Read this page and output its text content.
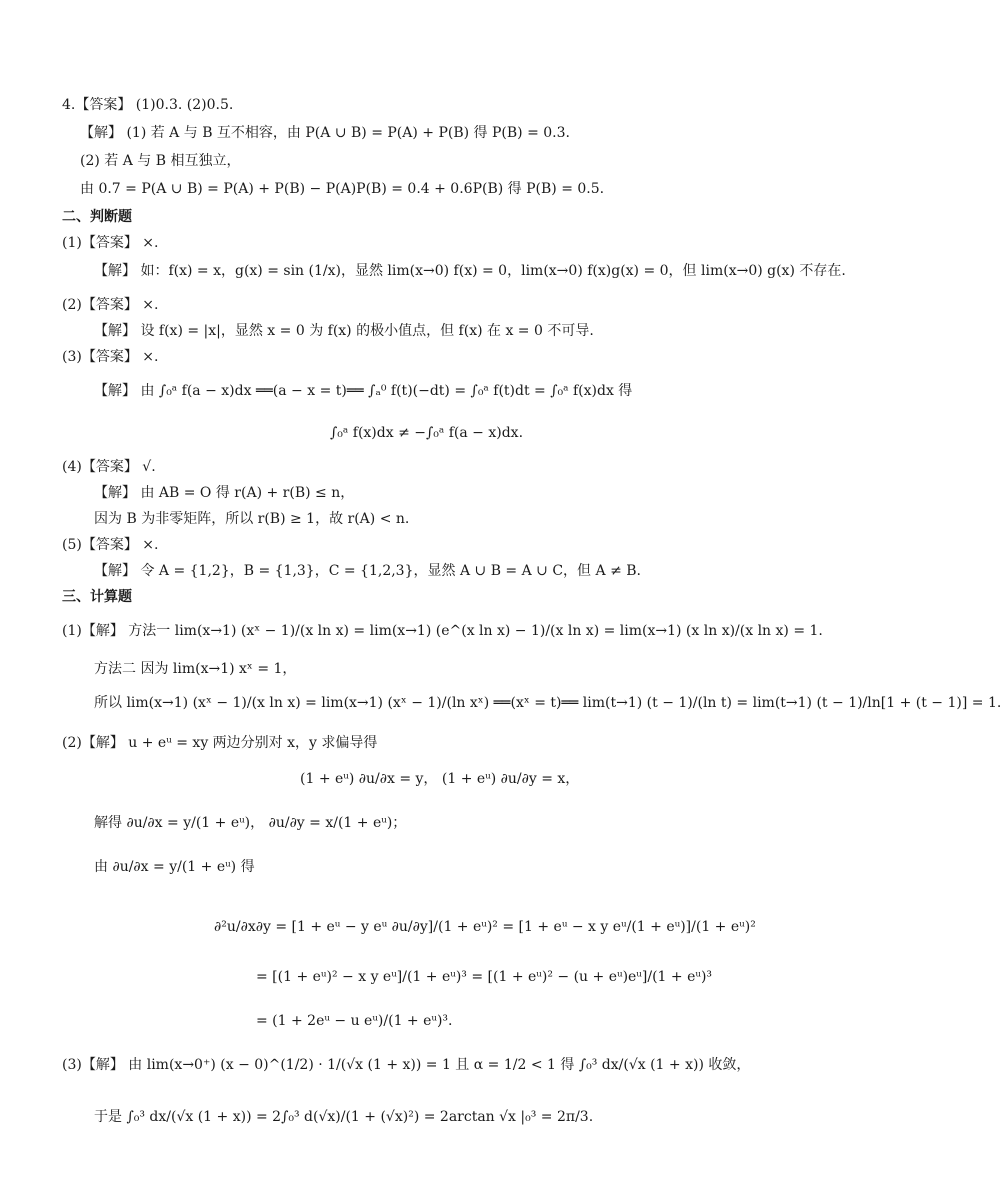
4.【答案】 (1)0.3. (2)0.5.
【解】 (1) 若 A 与 B 互不相容，由 P(A ∪ B) = P(A) + P(B) 得 P(B) = 0.3.
(2) 若 A 与 B 相互独立，
由 0.7 = P(A ∪ B) = P(A) + P(B) − P(A)P(B) = 0.4 + 0.6P(B) 得 P(B) = 0.5.
二、判断题
(1)【答案】 ×.
【解】 如：f(x) = x，g(x) = sin (1/x)，显然 lim(x→0) f(x) = 0，lim(x→0) f(x)g(x) = 0，但 lim(x→0) g(x) 不存在.
(2)【答案】 ×.
【解】 设 f(x) = |x|，显然 x = 0 为 f(x) 的极小值点，但 f(x) 在 x = 0 不可导.
(3)【答案】 ×.
【解】 由 ∫₀ᵃ f(a − x)dx ══(a − x = t)══ ∫ₐ⁰ f(t)(−dt) = ∫₀ᵃ f(t)dt = ∫₀ᵃ f(x)dx 得
∫₀ᵃ f(x)dx ≠ −∫₀ᵃ f(a − x)dx.
(4)【答案】 √.
【解】 由 AB = O 得 r(A) + r(B) ≤ n，
因为 B 为非零矩阵，所以 r(B) ≥ 1，故 r(A) < n.
(5)【答案】 ×.
【解】 令 A = {1,2}，B = {1,3}，C = {1,2,3}，显然 A ∪ B = A ∪ C，但 A ≠ B.
三、计算题
(1)【解】 方法一 lim(x→1) (xˣ − 1)/(x ln x) = lim(x→1) (e^(x ln x) − 1)/(x ln x) = lim(x→1) (x ln x)/(x ln x) = 1.
方法二 因为 lim(x→1) xˣ = 1，
所以 lim(x→1) (xˣ − 1)/(x ln x) = lim(x→1) (xˣ − 1)/(ln xˣ) ══(xˣ = t)══ lim(t→1) (t − 1)/(ln t) = lim(t→1) (t − 1)/ln[1 + (t − 1)] = 1.
(2)【解】 u + eᵘ = xy 两边分别对 x，y 求偏导得
(1 + eᵘ) ∂u/∂x = y， (1 + eᵘ) ∂u/∂y = x，
解得 ∂u/∂x = y/(1 + eᵘ)， ∂u/∂y = x/(1 + eᵘ)；
由 ∂u/∂x = y/(1 + eᵘ) 得
∂²u/∂x∂y = [1 + eᵘ − y eᵘ ∂u/∂y]/(1 + eᵘ)² = [1 + eᵘ − x y eᵘ/(1 + eᵘ)]/(1 + eᵘ)²
= [(1 + eᵘ)² − x y eᵘ]/(1 + eᵘ)³ = [(1 + eᵘ)² − (u + eᵘ)eᵘ]/(1 + eᵘ)³
= (1 + 2eᵘ − u eᵘ)/(1 + eᵘ)³.
(3)【解】 由 lim(x→0⁺) (x − 0)^(1/2) · 1/(√x (1 + x)) = 1 且 α = 1/2 < 1 得 ∫₀³ dx/(√x (1 + x)) 收敛，
于是 ∫₀³ dx/(√x (1 + x)) = 2∫₀³ d(√x)/(1 + (√x)²) = 2arctan √x |₀³ = 2π/3.
